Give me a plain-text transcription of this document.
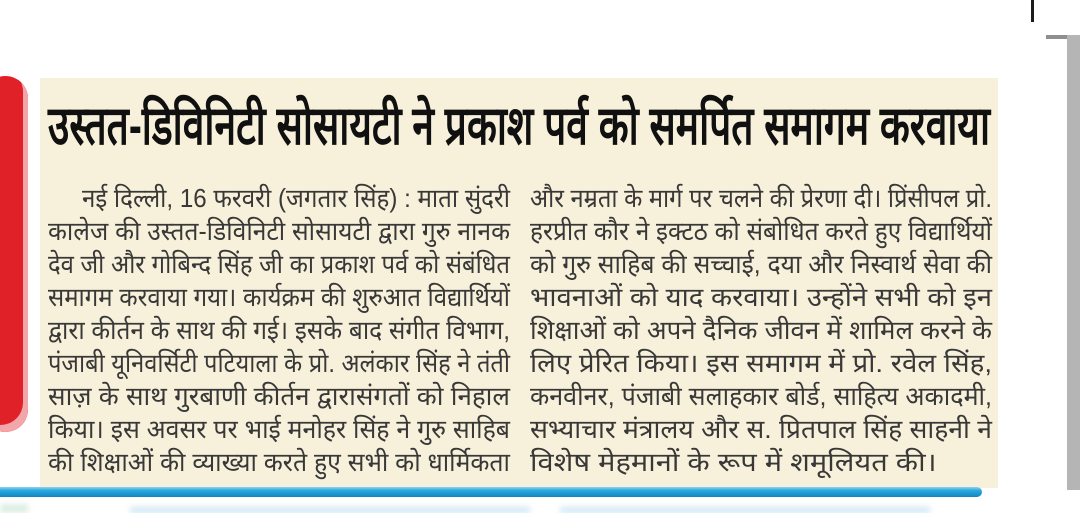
उस्तत-डिविनिटी सोसायटी ने प्रकाश पर्व को समर्पित समागम करवाया
नई दिल्ली, 16 फरवरी (जगतार सिंह) : माता सुंदरी
कालेज की उस्तत-डिविनिटी सोसायटी द्वारा गुरु नानक
देव जी और गोबिन्द सिंह जी का प्रकाश पर्व को संबंधित
समागम करवाया गया। कार्यक्रम की शुरुआत विद्यार्थियों
द्वारा कीर्तन के साथ की गई। इसके बाद संगीत विभाग,
पंजाबी यूनिवर्सिटी पटियाला के प्रो. अलंकार सिंह ने तंती
साज़ के साथ गुरबाणी कीर्तन द्वारासंगतों को निहाल
किया। इस अवसर पर भाई मनोहर सिंह ने गुरु साहिब
की शिक्षाओं की व्याख्या करते हुए सभी को धार्मिकता
और नम्रता के मार्ग पर चलने की प्रेरणा दी। प्रिंसीपल प्रो.
हरप्रीत कौर ने इक्टठ को संबोधित करते हुए विद्यार्थियों
को गुरु साहिब की सच्चाई, दया और निस्वार्थ सेवा की
भावनाओं को याद करवाया। उन्होंने सभी को इन
शिक्षाओं को अपने दैनिक जीवन में शामिल करने के
लिए प्रेरित किया। इस समागम में प्रो. रवेल सिंह,
कनवीनर, पंजाबी सलाहकार बोर्ड, साहित्य अकादमी,
सभ्याचार मंत्रालय और स. प्रितपाल सिंह साहनी ने
विशेष मेहमानों के रूप में शमूलियत की।
